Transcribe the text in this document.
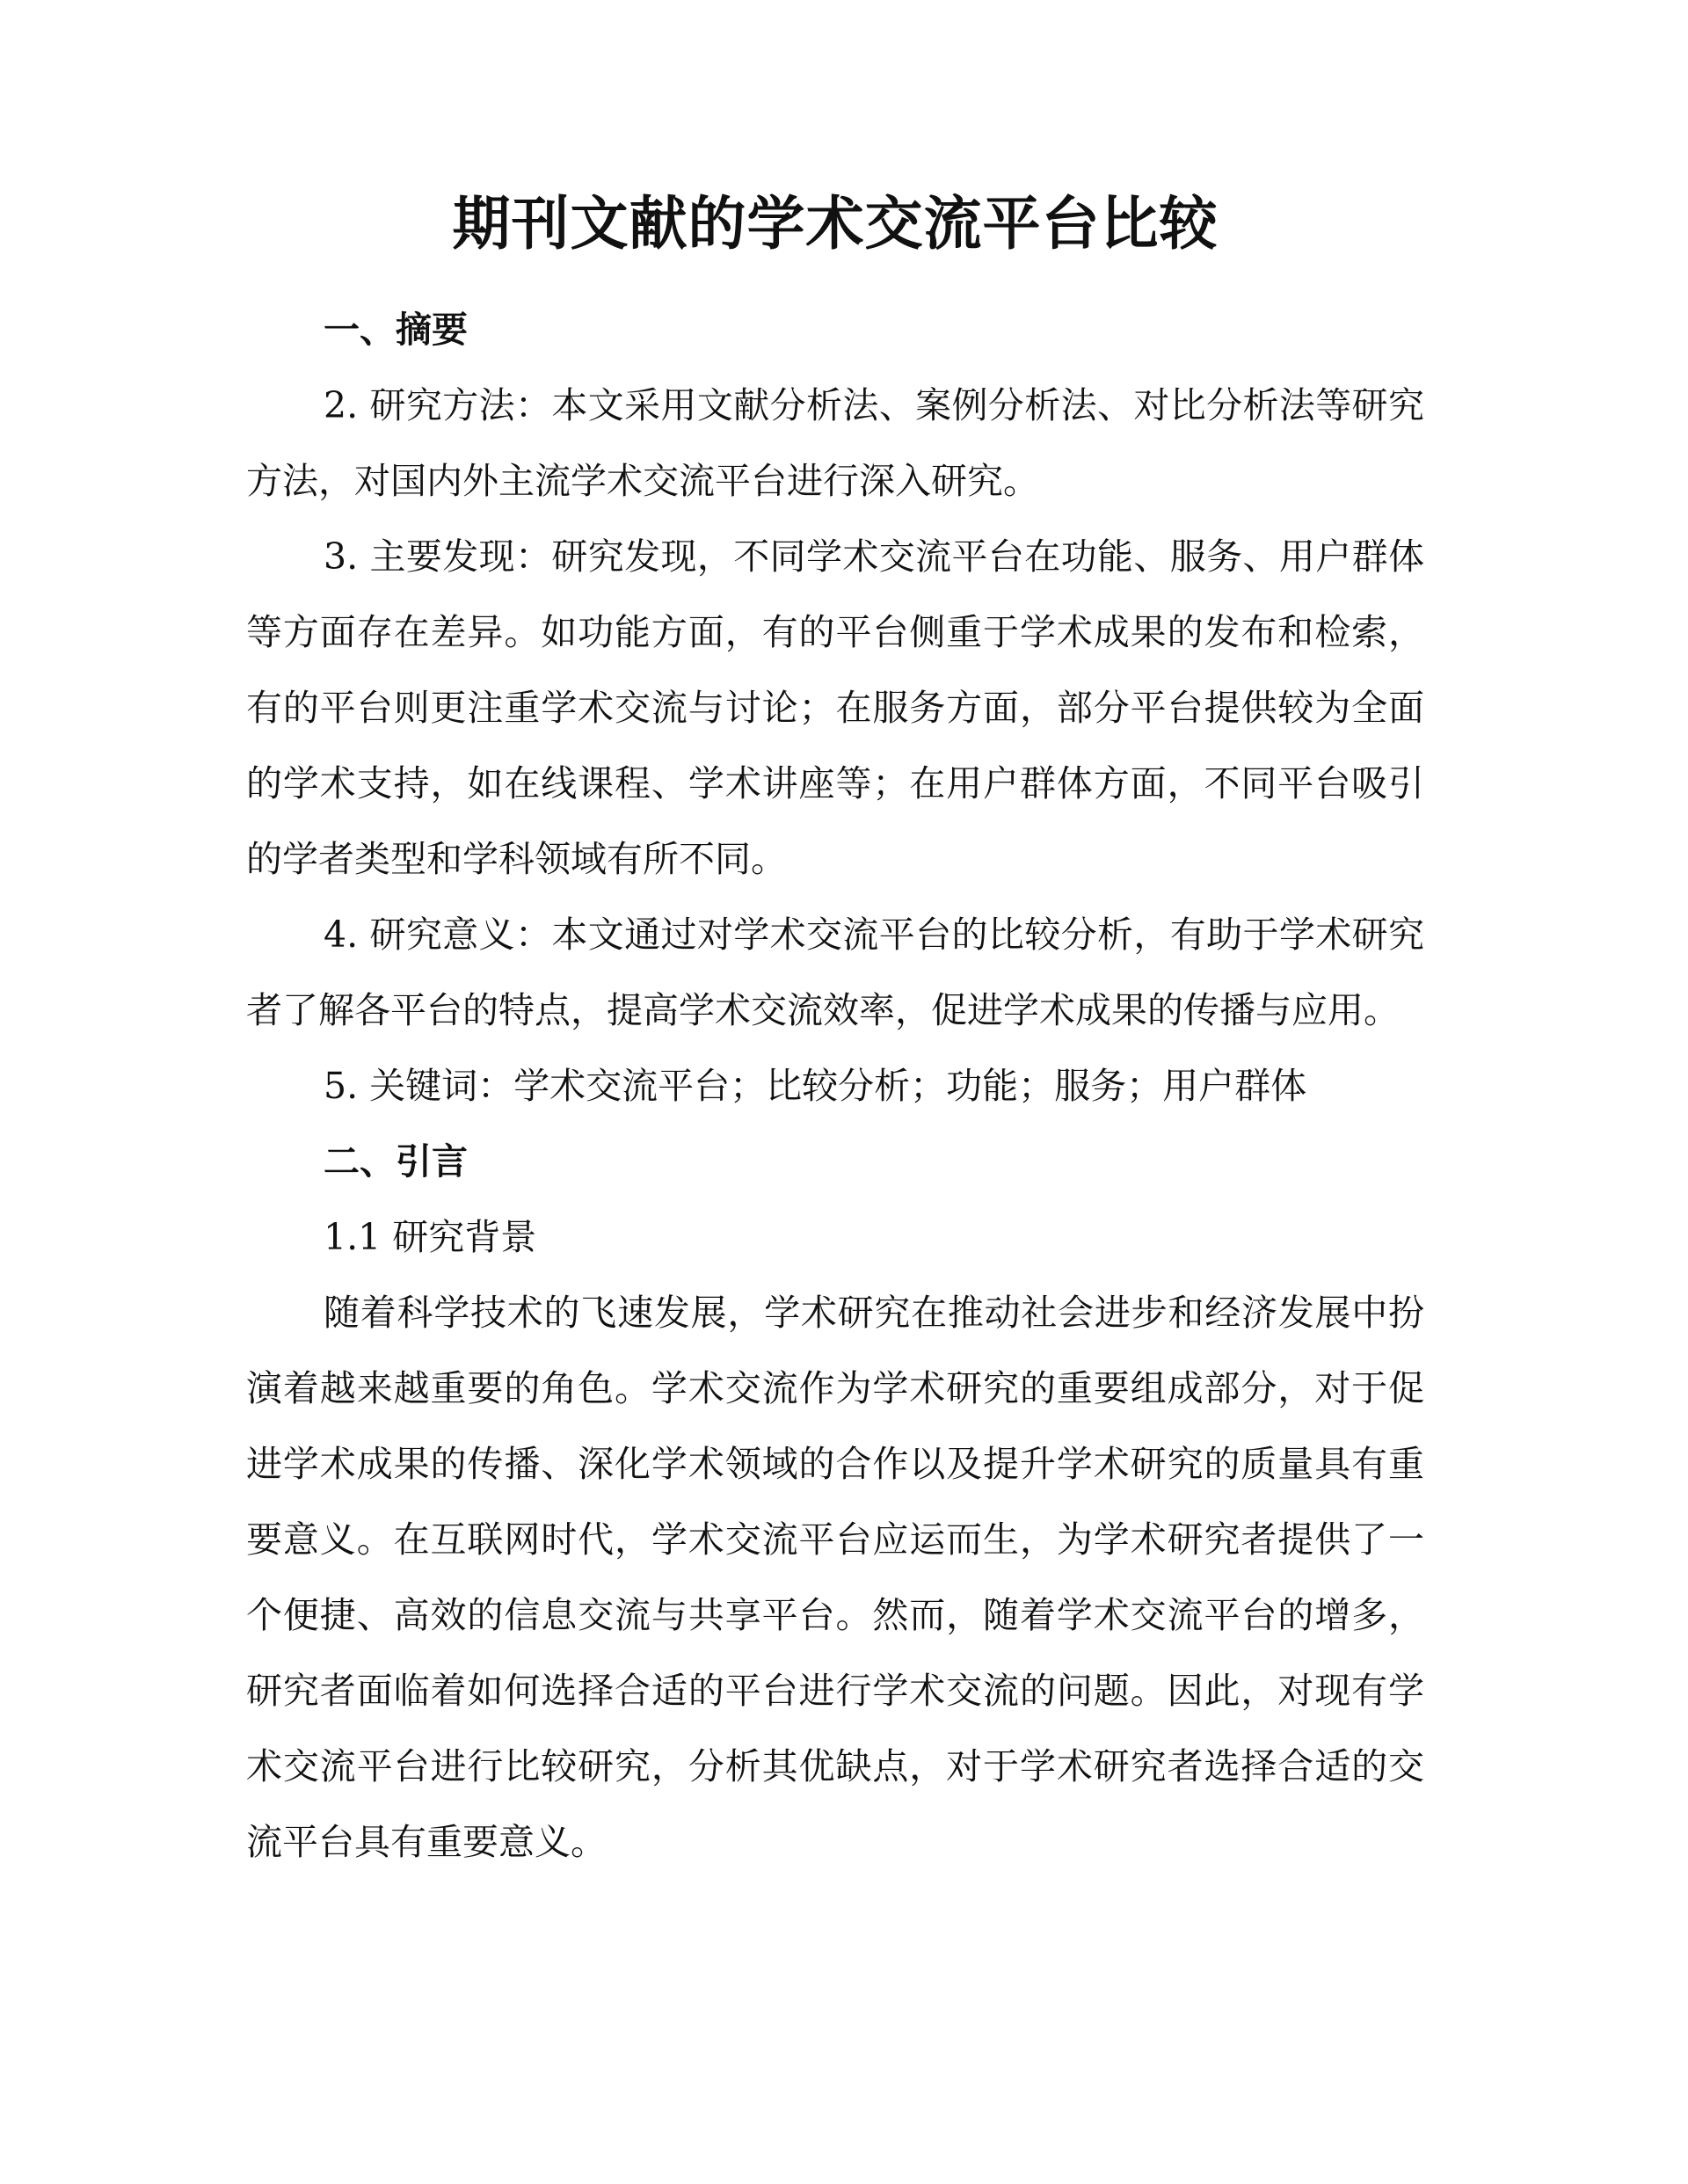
期刊文献的学术交流平台比较
一、摘要

2. 研究方法：本文采用文献分析法、案例分析法、对比分析法等研究方法，对国内外主流学术交流平台进行深入研究。

3. 主要发现：研究发现，不同学术交流平台在功能、服务、用户群体等方面存在差异。如功能方面，有的平台侧重于学术成果的发布和检索，有的平台则更注重学术交流与讨论；在服务方面，部分平台提供较为全面的学术支持，如在线课程、学术讲座等；在用户群体方面，不同平台吸引的学者类型和学科领域有所不同。

4. 研究意义：本文通过对学术交流平台的比较分析，有助于学术研究者了解各平台的特点，提高学术交流效率，促进学术成果的传播与应用。

5. 关键词：学术交流平台；比较分析；功能；服务；用户群体

二、引言

1.1 研究背景

随着科学技术的飞速发展，学术研究在推动社会进步和经济发展中扮演着越来越重要的角色。学术交流作为学术研究的重要组成部分，对于促进学术成果的传播、深化学术领域的合作以及提升学术研究的质量具有重要意义。在互联网时代，学术交流平台应运而生，为学术研究者提供了一个便捷、高效的信息交流与共享平台。然而，随着学术交流平台的增多，研究者面临着如何选择合适的平台进行学术交流的问题。因此，对现有学术交流平台进行比较研究，分析其优缺点，对于学术研究者选择合适的交流平台具有重要意义。
